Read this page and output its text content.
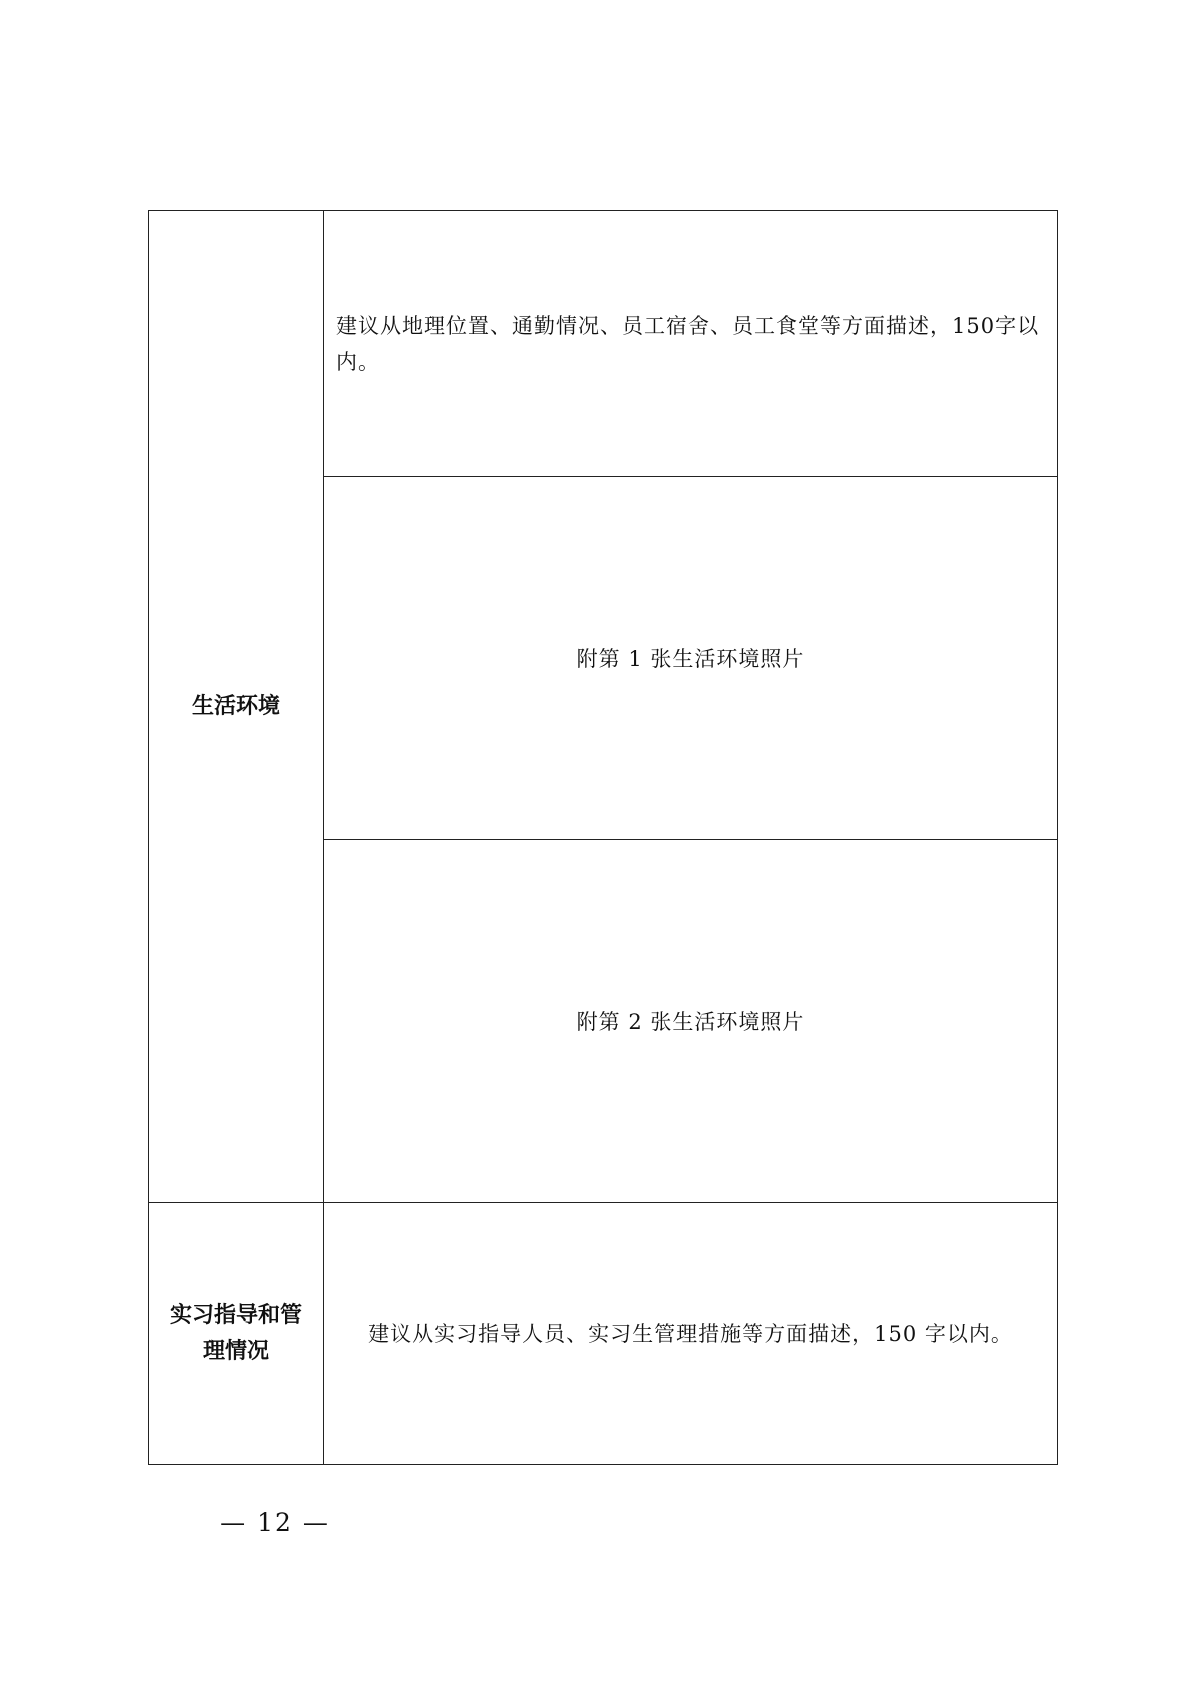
生活环境	建议从地理位置、通勤情况、员工宿舍、员工食堂等方面描述，150字以内。

	附第 1 张生活环境照片
	附第 2 张生活环境照片
实习指导和管理情况	建议从实习指导人员、实习生管理措施等方面描述，150 字以内。
— 12 —
